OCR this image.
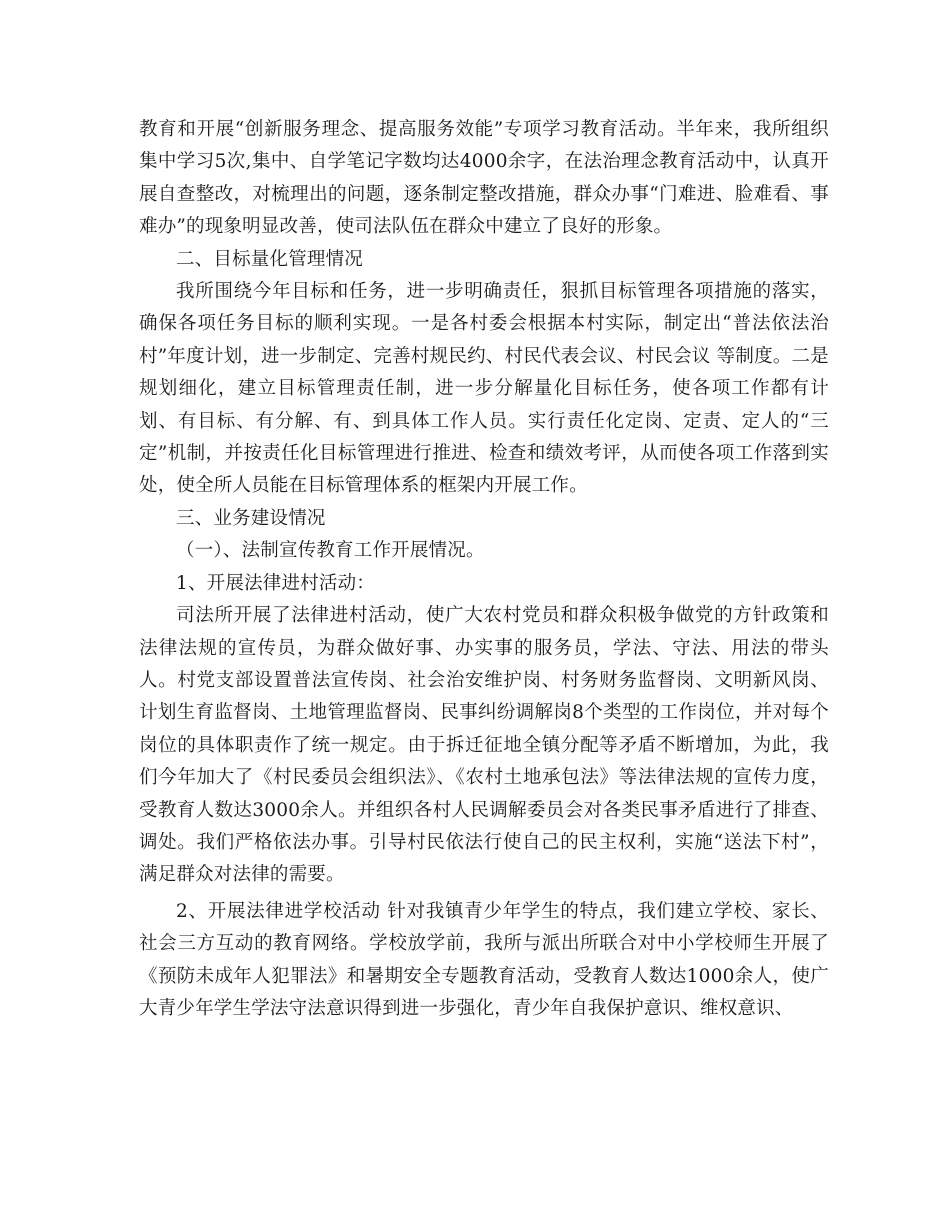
教育和开展“创新服务理念、提高服务效能”专项学习教育活动。半年来，我所组织集中学习5次,集中、自学笔记字数均达4000余字，在法治理念教育活动中，认真开展自查整改，对梳理出的问题，逐条制定整改措施，群众办事“门难进、脸难看、事难办”的现象明显改善，使司法队伍在群众中建立了良好的形象。

二、目标量化管理情况

我所围绕今年目标和任务，进一步明确责任，狠抓目标管理各项措施的落实，确保各项任务目标的顺利实现。一是各村委会根据本村实际，制定出“普法依法治村”年度计划，进一步制定、完善村规民约、村民代表会议、村民会议 等制度。二是规划细化，建立目标管理责任制，进一步分解量化目标任务，使各项工作都有计划、有目标、有分解、有、到具体工作人员。实行责任化定岗、定责、定人的“三定”机制，并按责任化目标管理进行推进、检查和绩效考评，从而使各项工作落到实处，使全所人员能在目标管理体系的框架内开展工作。

三、业务建设情况

（一）、法制宣传教育工作开展情况。

1、开展法律进村活动：

司法所开展了法律进村活动，使广大农村党员和群众积极争做党的方针政策和法律法规的宣传员，为群众做好事、办实事的服务员，学法、守法、用法的带头人。村党支部设置普法宣传岗、社会治安维护岗、村务财务监督岗、文明新风岗、计划生育监督岗、土地管理监督岗、民事纠纷调解岗8个类型的工作岗位，并对每个岗位的具体职责作了统一规定。由于拆迁征地全镇分配等矛盾不断增加，为此，我们今年加大了《村民委员会组织法》、《农村土地承包法》等法律法规的宣传力度，受教育人数达3000余人。并组织各村人民调解委员会对各类民事矛盾进行了排查、调处。我们严格依法办事。引导村民依法行使自己的民主权利，实施“送法下村”，满足群众对法律的需要。

2、开展法律进学校活动 针对我镇青少年学生的特点，我们建立学校、家长、社会三方互动的教育网络。学校放学前，我所与派出所联合对中小学校师生开展了《预防未成年人犯罪法》和暑期安全专题教育活动，受教育人数达1000余人，使广大青少年学生学法守法意识得到进一步强化，青少年自我保护意识、维权意识、
